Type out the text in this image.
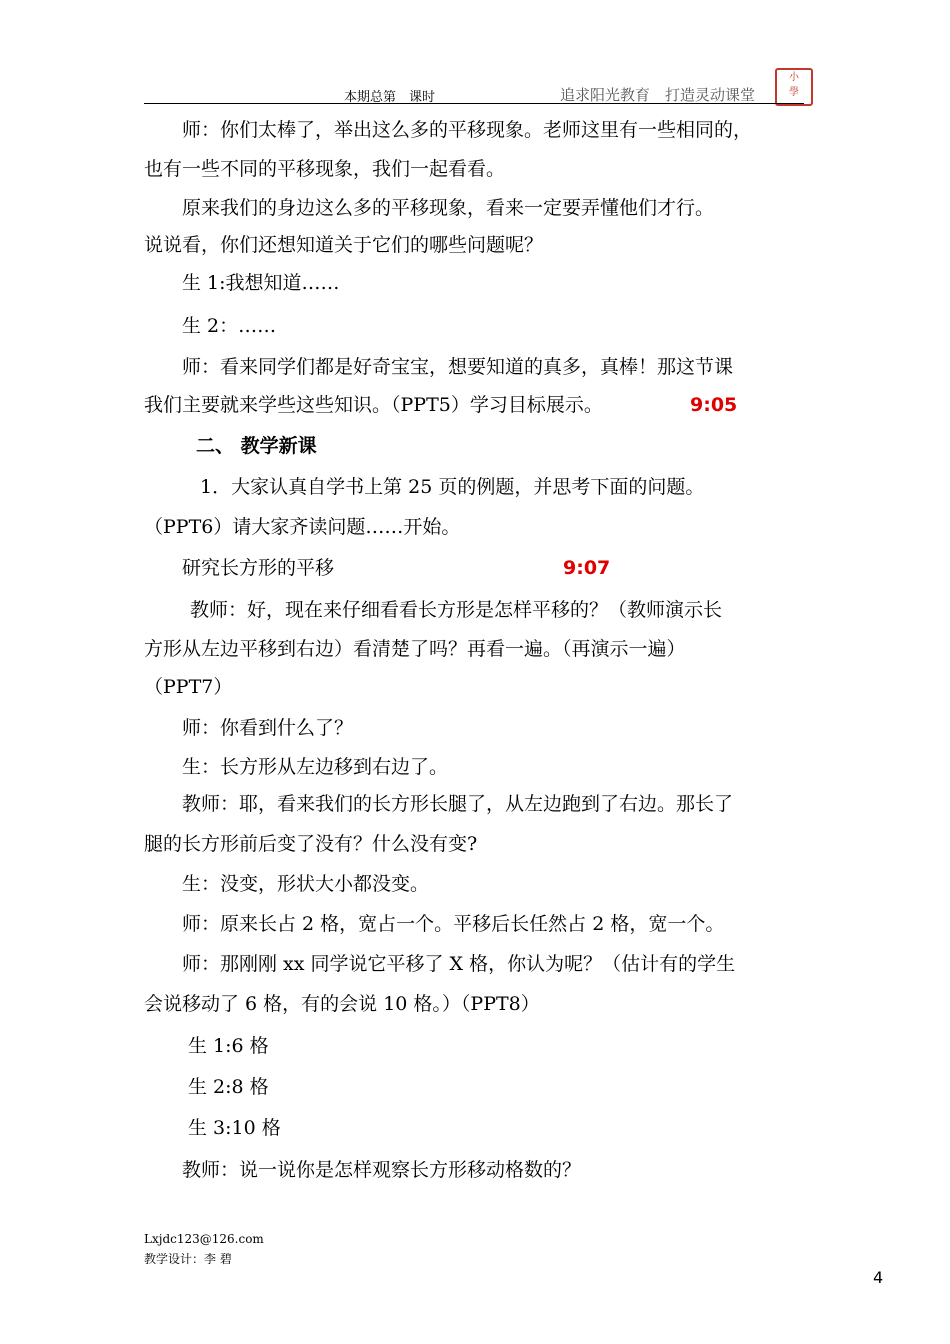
本期总第　课时	追求阳光教育　打造灵动课堂
小
學
师：你们太棒了，举出这么多的平移现象。老师这里有一些相同的，
也有一些不同的平移现象，我们一起看看。
原来我们的身边这么多的平移现象，看来一定要弄懂他们才行。
说说看，你们还想知道关于它们的哪些问题呢？
生 1:我想知道……
生 2：……
师：看来同学们都是好奇宝宝，想要知道的真多，真棒！那这节课
我们主要就来学些这些知识。（PPT5）学习目标展示。	9:05
二、 教学新课
1．大家认真自学书上第 25 页的例题，并思考下面的问题。
（PPT6）请大家齐读问题……开始。
研究长方形的平移	9:07
教师：好，现在来仔细看看长方形是怎样平移的？（教师演示长
方形从左边平移到右边）看清楚了吗？再看一遍。（再演示一遍）
（PPT7）
师：你看到什么了？
生：长方形从左边移到右边了。
教师：耶，看来我们的长方形长腿了，从左边跑到了右边。那长了
腿的长方形前后变了没有？什么没有变?
生：没变，形状大小都没变。
师：原来长占 2 格，宽占一个。平移后长任然占 2 格，宽一个。
师：那刚刚 xx 同学说它平移了 X 格，你认为呢？（估计有的学生
会说移动了 6 格，有的会说 10 格。）（PPT8）
生 1:6 格
生 2:8 格
生 3:10 格
教师：说一说你是怎样观察长方形移动格数的？
Lxjdc123@126.com
教学设计：李 碧
4
